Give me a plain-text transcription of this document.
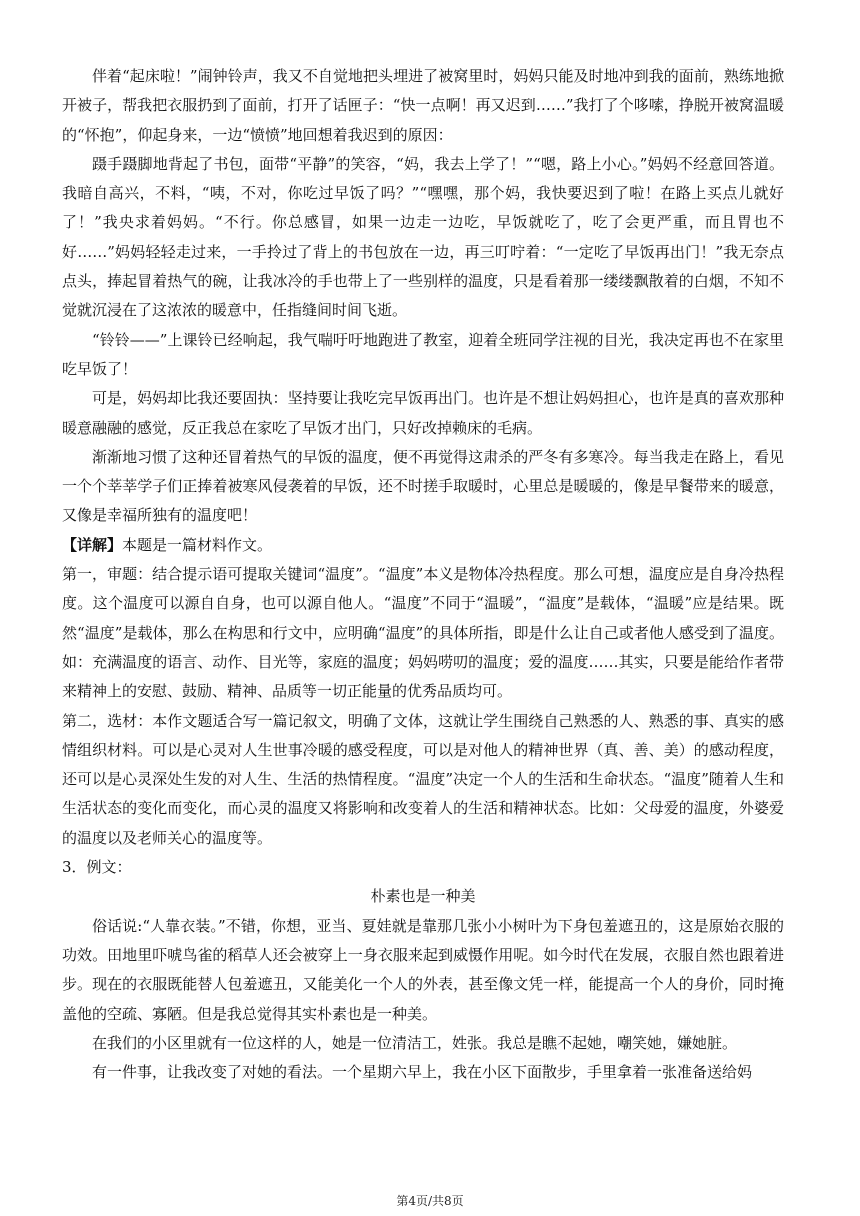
伴着“起床啦！”闹钟铃声，我又不自觉地把头埋进了被窝里时，妈妈只能及时地冲到我的面前，熟练地掀开被子，帮我把衣服扔到了面前，打开了话匣子：“快一点啊！再又迟到……”我打了个哆嗦，挣脱开被窝温暖的“怀抱”，仰起身来，一边“愤愤”地回想着我迟到的原因：

蹑手蹑脚地背起了书包，面带“平静”的笑容，“妈，我去上学了！”“嗯，路上小心。”妈妈不经意回答道。我暗自高兴，不料，“咦，不对，你吃过早饭了吗？”“嘿嘿，那个妈，我快要迟到了啦！在路上买点儿就好了！”我央求着妈妈。“不行。你总感冒，如果一边走一边吃，早饭就吃了，吃了会更严重，而且胃也不好……”妈妈轻轻走过来，一手拎过了背上的书包放在一边，再三叮咛着：“一定吃了早饭再出门！”我无奈点点头，捧起冒着热气的碗，让我冰冷的手也带上了一些别样的温度，只是看着那一缕缕飘散着的白烟，不知不觉就沉浸在了这浓浓的暖意中，任指缝间时间飞逝。

“铃铃——”上课铃已经响起，我气喘吁吁地跑进了教室，迎着全班同学注视的目光，我决定再也不在家里吃早饭了！

可是，妈妈却比我还要固执：坚持要让我吃完早饭再出门。也许是不想让妈妈担心，也许是真的喜欢那种暖意融融的感觉，反正我总在家吃了早饭才出门，只好改掉赖床的毛病。

渐渐地习惯了这种还冒着热气的早饭的温度，便不再觉得这肃杀的严冬有多寒冷。每当我走在路上，看见一个个莘莘学子们正捧着被寒风侵袭着的早饭，还不时搓手取暖时，心里总是暖暖的，像是早餐带来的暖意，又像是幸福所独有的温度吧！

【详解】本题是一篇材料作文。

第一，审题：结合提示语可提取关键词“温度”。“温度”本义是物体冷热程度。那么可想，温度应是自身冷热程度。这个温度可以源自自身，也可以源自他人。“温度”不同于“温暖”，“温度”是载体，“温暖”应是结果。既然“温度”是载体，那么在构思和行文中，应明确“温度”的具体所指，即是什么让自己或者他人感受到了温度。如：充满温度的语言、动作、目光等，家庭的温度；妈妈唠叨的温度；爱的温度……其实，只要是能给作者带来精神上的安慰、鼓励、精神、品质等一切正能量的优秀品质均可。

第二，选材：本作文题适合写一篇记叙文，明确了文体，这就让学生围绕自己熟悉的人、熟悉的事、真实的感情组织材料。可以是心灵对人生世事冷暖的感受程度，可以是对他人的精神世界（真、善、美）的感动程度，还可以是心灵深处生发的对人生、生活的热情程度。“温度”决定一个人的生活和生命状态。“温度”随着人生和生活状态的变化而变化，而心灵的温度又将影响和改变着人的生活和精神状态。比如：父母爱的温度，外婆爱的温度以及老师关心的温度等。

3．例文：

朴素也是一种美

俗话说:“人靠衣装。”不错，你想，亚当、夏娃就是靠那几张小小树叶为下身包羞遮丑的，这是原始衣服的功效。田地里吓唬鸟雀的稻草人还会被穿上一身衣服来起到威慑作用呢。如今时代在发展，衣服自然也跟着进步。现在的衣服既能替人包羞遮丑，又能美化一个人的外表，甚至像文凭一样，能提高一个人的身价，同时掩盖他的空疏、寡陋。但是我总觉得其实朴素也是一种美。

在我们的小区里就有一位这样的人，她是一位清洁工，姓张。我总是瞧不起她，嘲笑她，嫌她脏。

有一件事，让我改变了对她的看法。一个星期六早上，我在小区下面散步，手里拿着一张准备送给妈

第4页/共8页
